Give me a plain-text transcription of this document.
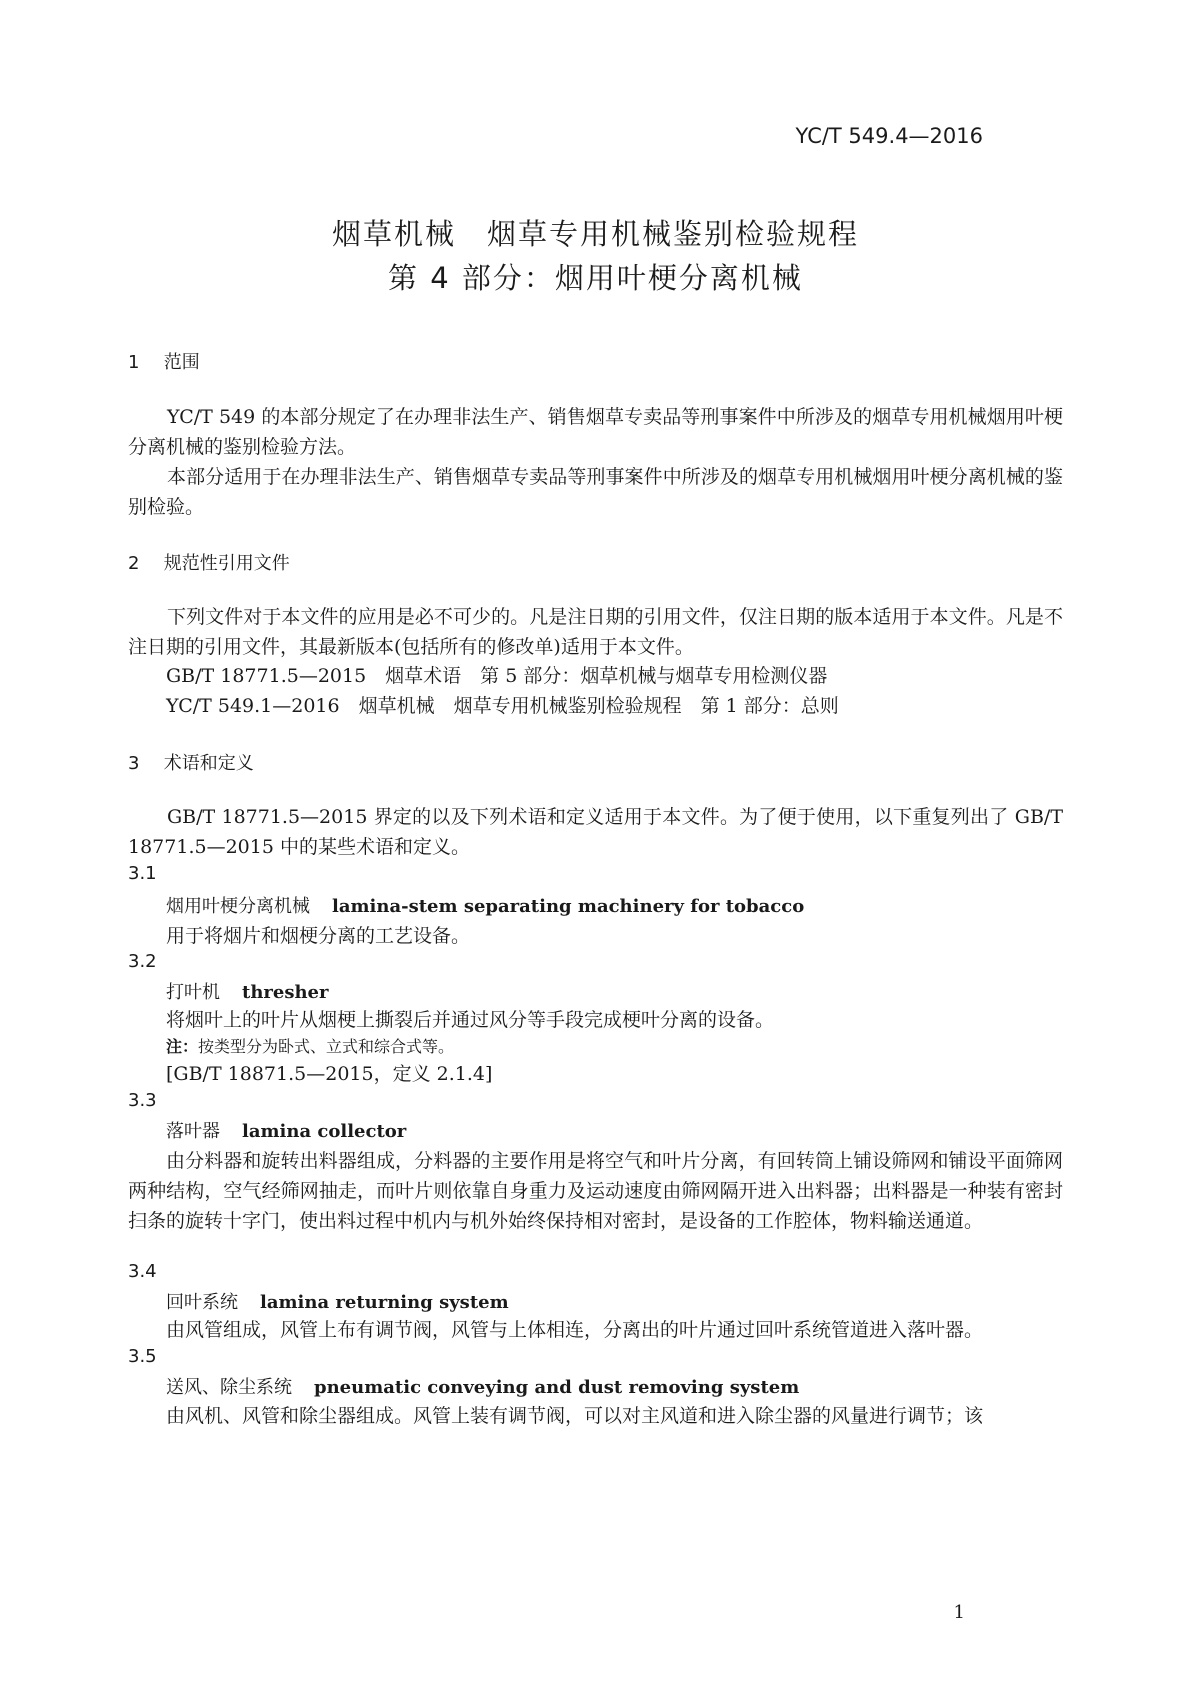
YC/T 549.4—2016
烟草机械　烟草专用机械鉴别检验规程
第 4 部分：烟用叶梗分离机械
1 范围

YC/T 549 的本部分规定了在办理非法生产、销售烟草专卖品等刑事案件中所涉及的烟草专用机械烟用叶梗分离机械的鉴别检验方法。

本部分适用于在办理非法生产、销售烟草专卖品等刑事案件中所涉及的烟草专用机械烟用叶梗分离机械的鉴别检验。

2 规范性引用文件

下列文件对于本文件的应用是必不可少的。凡是注日期的引用文件，仅注日期的版本适用于本文件。凡是不注日期的引用文件，其最新版本(包括所有的修改单)适用于本文件。

GB/T 18771.5—2015　烟草术语　第 5 部分：烟草机械与烟草专用检测仪器
YC/T 549.1—2016　烟草机械　烟草专用机械鉴别检验规程　第 1 部分：总则
3 术语和定义

GB/T 18771.5—2015 界定的以及下列术语和定义适用于本文件。为了便于使用，以下重复列出了 GB/T 18771.5—2015 中的某些术语和定义。

3.1
烟用叶梗分离机械 lamina-stem separating machinery for tobacco
用于将烟片和烟梗分离的工艺设备。
3.2
打叶机 thresher
将烟叶上的叶片从烟梗上撕裂后并通过风分等手段完成梗叶分离的设备。
注：按类型分为卧式、立式和综合式等。
[GB/T 18871.5—2015，定义 2.1.4]
3.3
落叶器 lamina collector
由分料器和旋转出料器组成，分料器的主要作用是将空气和叶片分离，有回转筒上铺设筛网和铺设平面筛网两种结构，空气经筛网抽走，而叶片则依靠自身重力及运动速度由筛网隔开进入出料器；出料器是一种装有密封扫条的旋转十字门，使出料过程中机内与机外始终保持相对密封，是设备的工作腔体，物料输送通道。
3.4
回叶系统 lamina returning system
由风管组成，风管上布有调节阀，风管与上体相连，分离出的叶片通过回叶系统管道进入落叶器。
3.5
送风、除尘系统 pneumatic conveying and dust removing system
由风机、风管和除尘器组成。风管上装有调节阀，可以对主风道和进入除尘器的风量进行调节；该
1
